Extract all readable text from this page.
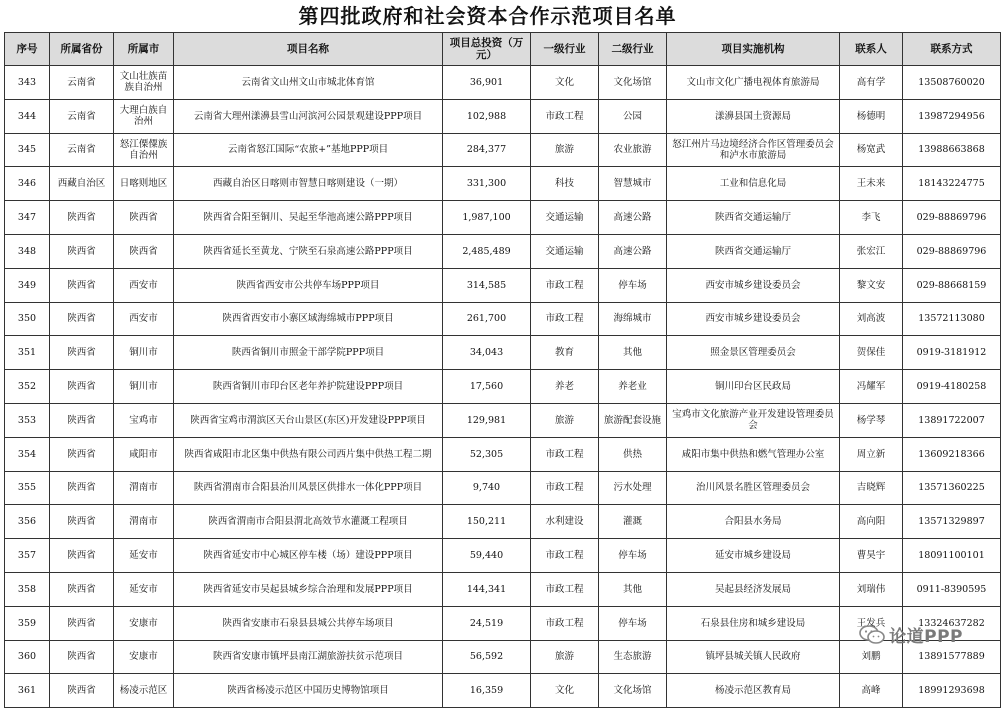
第四批政府和社会资本合作示范项目名单
序号	所属省份	所属市	项目名称	项目总投资（万元）	一级行业	二级行业	项目实施机构	联系人	联系方式
343	云南省	文山壮族苗族自治州	云南省文山州文山市城北体育馆	36,901	文化	文化场馆	文山市文化广播电视体育旅游局	高有学	13508760020
344	云南省	大理白族自治州	云南省大理州漾濞县雪山河滨河公园景观建设PPP项目	102,988	市政工程	公园	漾濞县国土资源局	杨德明	13987294956
345	云南省	怒江傈僳族自治州	云南省怒江国际“农旅+”基地PPP项目	284,377	旅游	农业旅游	怒江州片马边境经济合作区管理委员会和泸水市旅游局	杨宽武	13988663868
346	西藏自治区	日喀则地区	西藏自治区日喀则市智慧日喀则建设（一期）	331,300	科技	智慧城市	工业和信息化局	王未来	18143224775
347	陕西省	陕西省	陕西省合阳至铜川、吴起至华池高速公路PPP项目	1,987,100	交通运输	高速公路	陕西省交通运输厅	李飞	029-88869796
348	陕西省	陕西省	陕西省延长至黄龙、宁陕至石泉高速公路PPP项目	2,485,489	交通运输	高速公路	陕西省交通运输厅	张宏江	029-88869796
349	陕西省	西安市	陕西省西安市公共停车场PPP项目	314,585	市政工程	停车场	西安市城乡建设委员会	黎文安	029-88668159
350	陕西省	西安市	陕西省西安市小寨区域海绵城市PPP项目	261,700	市政工程	海绵城市	西安市城乡建设委员会	刘高波	13572113080
351	陕西省	铜川市	陕西省铜川市照金干部学院PPP项目	34,043	教育	其他	照金景区管理委员会	贺保佳	0919-3181912
352	陕西省	铜川市	陕西省铜川市印台区老年养护院建设PPP项目	17,560	养老	养老业	铜川印台区民政局	冯耀军	0919-4180258
353	陕西省	宝鸡市	陕西省宝鸡市渭滨区天台山景区(东区)开发建设PPP项目	129,981	旅游	旅游配套设施	宝鸡市文化旅游产业开发建设管理委员会	杨学琴	13891722007
354	陕西省	咸阳市	陕西省咸阳市北区集中供热有限公司西片集中供热工程二期	52,305	市政工程	供热	咸阳市集中供热和燃气管理办公室	周立新	13609218366
355	陕西省	渭南市	陕西省渭南市合阳县治川风景区供排水一体化PPP项目	9,740	市政工程	污水处理	治川风景名胜区管理委员会	吉晓辉	13571360225
356	陕西省	渭南市	陕西省渭南市合阳县渭北高效节水灌溉工程项目	150,211	水利建设	灌溉	合阳县水务局	高向阳	13571329897
357	陕西省	延安市	陕西省延安市中心城区停车楼（场）建设PPP项目	59,440	市政工程	停车场	延安市城乡建设局	曹昊宇	18091100101
358	陕西省	延安市	陕西省延安市吴起县城乡综合治理和发展PPP项目	144,341	市政工程	其他	吴起县经济发展局	刘瑞伟	0911-8390595
359	陕西省	安康市	陕西省安康市石泉县县城公共停车场项目	24,519	市政工程	停车场	石泉县住房和城乡建设局	王发兵	13324637282
360	陕西省	安康市	陕西省安康市镇坪县南江湖旅游扶贫示范项目	56,592	旅游	生态旅游	镇坪县城关镇人民政府	刘鹏	13891577889
361	陕西省	杨凌示范区	陕西省杨凌示范区中国历史博物馆项目	16,359	文化	文化场馆	杨凌示范区教育局	高峰	18991293698
论道PPP
